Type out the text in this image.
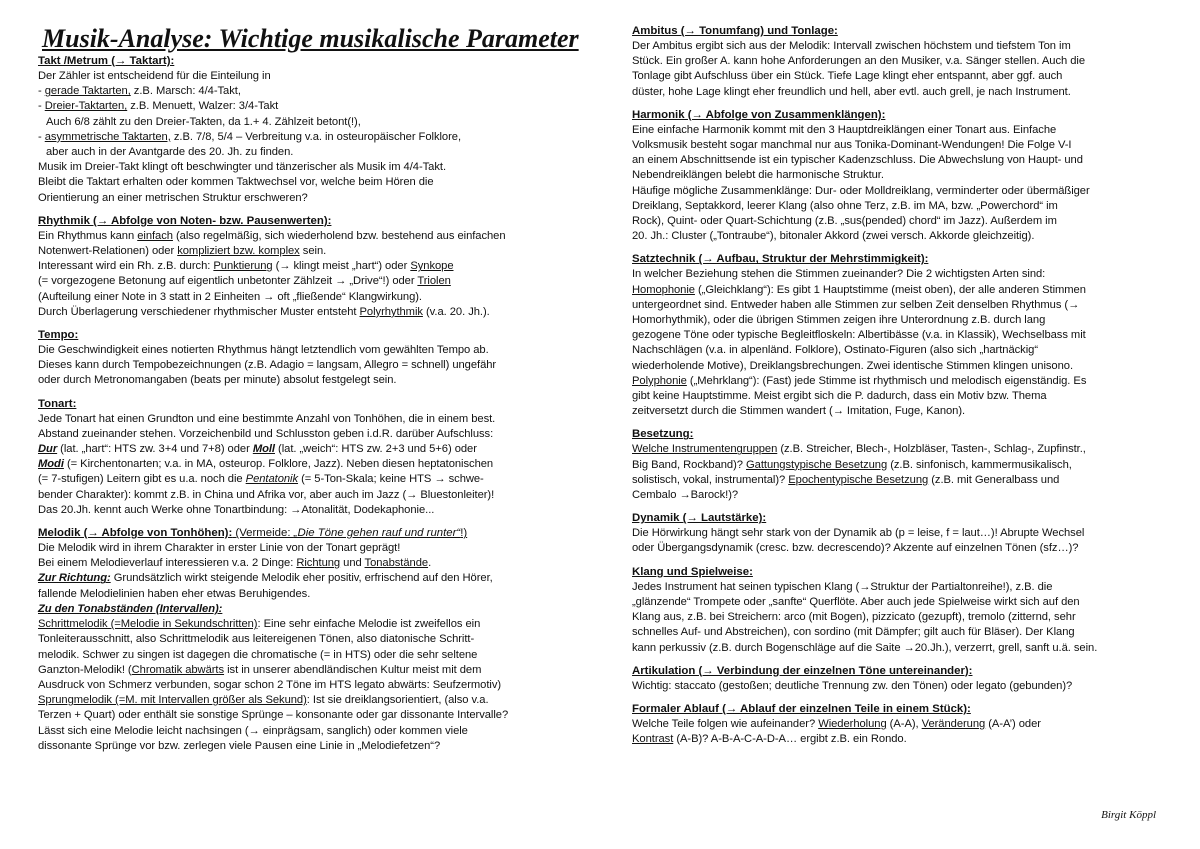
Musik-Analyse: Wichtige musikalische Parameter
Takt /Metrum (→ Taktart):
Der Zähler ist entscheidend für die Einteilung in
- gerade Taktarten, z.B. Marsch: 4/4-Takt,
- Dreier-Taktarten, z.B. Menuett, Walzer: 3/4-Takt
Auch 6/8 zählt zu den Dreier-Takten, da 1.+ 4. Zählzeit betont(!),
- asymmetrische Taktarten, z.B. 7/8, 5/4 – Verbreitung v.a. in osteuropäischer Folklore,
aber auch in der Avantgarde des 20. Jh. zu finden.
Musik im Dreier-Takt klingt oft beschwingter und tänzerischer als Musik im 4/4-Takt.
Bleibt die Taktart erhalten oder kommen Taktwechsel vor, welche beim Hören die
Orientierung an einer metrischen Struktur erschweren?
Rhythmik (→ Abfolge von Noten- bzw. Pausenwerten):
Ein Rhythmus kann einfach (also regelmäßig, sich wiederholend bzw. bestehend aus einfachen
Notenwert-Relationen) oder kompliziert bzw. komplex sein.
Interessant wird ein Rh. z.B. durch: Punktierung (→ klingt meist „hart“) oder Synkope
(= vorgezogene Betonung auf eigentlich unbetonter Zählzeit → „Drive“!) oder Triolen
(Aufteilung einer Note in 3 statt in 2 Einheiten → oft „fließende“ Klangwirkung).
Durch Überlagerung verschiedener rhythmischer Muster entsteht Polyrhythmik (v.a. 20. Jh.).
Tempo:
Die Geschwindigkeit eines notierten Rhythmus hängt letztendlich vom gewählten Tempo ab.
Dieses kann durch Tempobezeichnungen (z.B. Adagio = langsam, Allegro = schnell) ungefähr
oder durch Metronomangaben (beats per minute) absolut festgelegt sein.
Tonart:
Jede Tonart hat einen Grundton und eine bestimmte Anzahl von Tonhöhen, die in einem best.
Abstand zueinander stehen. Vorzeichenbild und Schlusston geben i.d.R. darüber Aufschluss:
Dur (lat. „hart“: HTS zw. 3+4 und 7+8) oder Moll (lat. „weich“: HTS zw. 2+3 und 5+6) oder
Modi (= Kirchentonarten; v.a. in MA, osteurop. Folklore, Jazz). Neben diesen heptatonischen
(= 7-stufigen) Leitern gibt es u.a. noch die Pentatonik (= 5-Ton-Skala; keine HTS → schwe-
bender Charakter): kommt z.B. in China und Afrika vor, aber auch im Jazz (→ Bluestonleiter)!
Das 20.Jh. kennt auch Werke ohne Tonartbindung: →Atonalität, Dodekaphonie...
Melodik (→ Abfolge von Tonhöhen): (Vermeide: „Die Töne gehen rauf und runter“!)
Die Melodik wird in ihrem Charakter in erster Linie von der Tonart geprägt!
Bei einem Melodieverlauf interessieren v.a. 2 Dinge: Richtung und Tonabstände.
Zur Richtung: Grundsätzlich wirkt steigende Melodik eher positiv, erfrischend auf den Hörer,
fallende Melodielinien haben eher etwas Beruhigendes.
Zu den Tonabständen (Intervallen):
Schrittmelodik (=Melodie in Sekundschritten): Eine sehr einfache Melodie ist zweifellos ein
Tonleiterausschnitt, also Schrittmelodik aus leitereigenen Tönen, also diatonische Schritt-
melodik. Schwer zu singen ist dagegen die chromatische (= in HTS) oder die sehr seltene
Ganzton-Melodik! (Chromatik abwärts ist in unserer abendländischen Kultur meist mit dem
Ausdruck von Schmerz verbunden, sogar schon 2 Töne im HTS legato abwärts: Seufzermotiv)
Sprungmelodik (=M. mit Intervallen größer als Sekund): Ist sie dreiklangsorientiert, (also v.a.
Terzen + Quart) oder enthält sie sonstige Sprünge – konsonante oder gar dissonante Intervalle?
Lässt sich eine Melodie leicht nachsingen (→ einprägsam, sanglich) oder kommen viele
dissonante Sprünge vor bzw. zerlegen viele Pausen eine Linie in „Melodiefetzen“?
Ambitus (→ Tonumfang) und Tonlage:
Der Ambitus ergibt sich aus der Melodik: Intervall zwischen höchstem und tiefstem Ton im
Stück. Ein großer A. kann hohe Anforderungen an den Musiker, v.a. Sänger stellen. Auch die
Tonlage gibt Aufschluss über ein Stück. Tiefe Lage klingt eher entspannt, aber ggf. auch
düster, hohe Lage klingt eher freundlich und hell, aber evtl. auch grell, je nach Instrument.
Harmonik (→ Abfolge von Zusammenklängen):
Eine einfache Harmonik kommt mit den 3 Hauptdreiklängen einer Tonart aus. Einfache
Volksmusik besteht sogar manchmal nur aus Tonika-Dominant-Wendungen! Die Folge V-I
an einem Abschnittsende ist ein typischer Kadenzschluss. Die Abwechslung von Haupt- und
Nebendreiklängen belebt die harmonische Struktur.
Häufige mögliche Zusammenklänge: Dur- oder Molldreiklang, verminderter oder übermäßiger
Dreiklang, Septakkord, leerer Klang (also ohne Terz, z.B. im MA, bzw. „Powerchord“ im
Rock), Quint- oder Quart-Schichtung (z.B. „sus(pended) chord“ im Jazz). Außerdem im
20. Jh.: Cluster („Tontraube“), bitonaler Akkord (zwei versch. Akkorde gleichzeitig).
Satztechnik (→ Aufbau, Struktur der Mehrstimmigkeit):
In welcher Beziehung stehen die Stimmen zueinander? Die 2 wichtigsten Arten sind:
Homophonie („Gleichklang“): Es gibt 1 Hauptstimme (meist oben), der alle anderen Stimmen
untergeordnet sind. Entweder haben alle Stimmen zur selben Zeit denselben Rhythmus (→
Homorhythmik), oder die übrigen Stimmen zeigen ihre Unterordnung z.B. durch lang
gezogene Töne oder typische Begleitfloskeln: Albertibässe (v.a. in Klassik), Wechselbass mit
Nachschlägen (v.a. in alpenländ. Folklore), Ostinato-Figuren (also sich „hartnäckig“
wiederholende Motive), Dreiklangsbrechungen. Zwei identische Stimmen klingen unisono.
Polyphonie („Mehrklang“): (Fast) jede Stimme ist rhythmisch und melodisch eigenständig. Es
gibt keine Hauptstimme. Meist ergibt sich die P. dadurch, dass ein Motiv bzw. Thema
zeitversetzt durch die Stimmen wandert (→ Imitation, Fuge, Kanon).
Besetzung:
Welche Instrumentengruppen (z.B. Streicher, Blech-, Holzbläser, Tasten-, Schlag-, Zupfinstr.,
Big Band, Rockband)? Gattungstypische Besetzung (z.B. sinfonisch, kammermusikalisch,
solistisch, vokal, instrumental)? Epochentypische Besetzung (z.B. mit Generalbass und
Cembalo →Barock!)?
Dynamik (→ Lautstärke):
Die Hörwirkung hängt sehr stark von der Dynamik ab (p = leise, f = laut…)! Abrupte Wechsel
oder Übergangsdynamik (cresc. bzw. decrescendo)? Akzente auf einzelnen Tönen (sfz…)?
Klang und Spielweise:
Jedes Instrument hat seinen typischen Klang (→Struktur der Partialtonreihe!), z.B. die
„glänzende“ Trompete oder „sanfte“ Querflöte. Aber auch jede Spielweise wirkt sich auf den
Klang aus, z.B. bei Streichern: arco (mit Bogen), pizzicato (gezupft), tremolo (zitternd, sehr
schnelles Auf- und Abstreichen), con sordino (mit Dämpfer; gilt auch für Bläser). Der Klang
kann perkussiv (z.B. durch Bogenschläge auf die Saite →20.Jh.), verzerrt, grell, sanft u.ä. sein.
Artikulation (→ Verbindung der einzelnen Töne untereinander):
Wichtig: staccato (gestoßen; deutliche Trennung zw. den Tönen) oder legato (gebunden)?
Formaler Ablauf (→ Ablauf der einzelnen Teile in einem Stück):
Welche Teile folgen wie aufeinander? Wiederholung (A-A), Veränderung (A-A’) oder
Kontrast (A-B)? A-B-A-C-A-D-A… ergibt z.B. ein Rondo.
Birgit Köppl
